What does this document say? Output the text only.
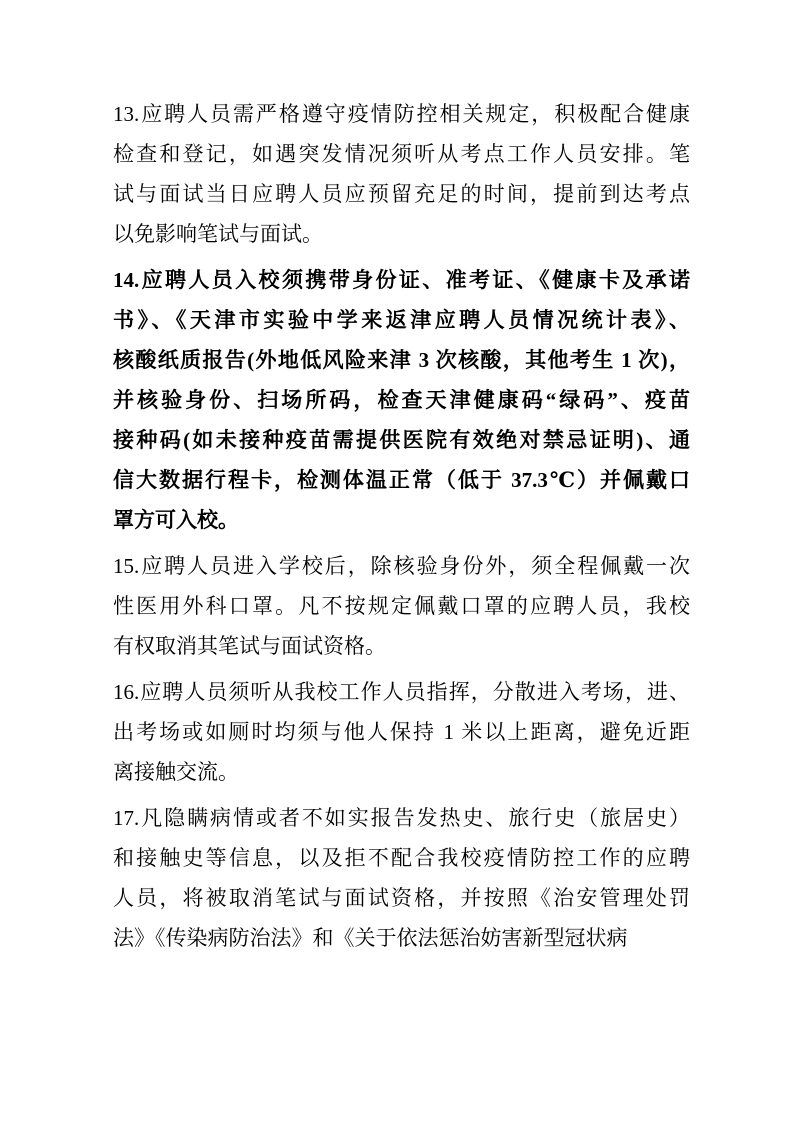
13.应聘人员需严格遵守疫情防控相关规定，积极配合健康
检查和登记，如遇突发情况须听从考点工作人员安排。笔
试与面试当日应聘人员应预留充足的时间，提前到达考点
以免影响笔试与面试。
14.应聘人员入校须携带身份证、准考证、《健康卡及承诺
书》、《天津市实验中学来返津应聘人员情况统计表》、
核酸纸质报告(外地低风险来津 3 次核酸，其他考生 1 次)，
并核验身份、扫场所码，检查天津健康码“绿码”、疫苗
接种码(如未接种疫苗需提供医院有效绝对禁忌证明)、通
信大数据行程卡，检测体温正常（低于 37.3℃）并佩戴口
罩方可入校。
15.应聘人员进入学校后，除核验身份外，须全程佩戴一次
性医用外科口罩。凡不按规定佩戴口罩的应聘人员，我校
有权取消其笔试与面试资格。
16.应聘人员须听从我校工作人员指挥，分散进入考场，进、
出考场或如厕时均须与他人保持 1 米以上距离，避免近距
离接触交流。
17.凡隐瞒病情或者不如实报告发热史、旅行史（旅居史）
和接触史等信息，以及拒不配合我校疫情防控工作的应聘
人员，将被取消笔试与面试资格，并按照《治安管理处罚
法》《传染病防治法》和《关于依法惩治妨害新型冠状病
